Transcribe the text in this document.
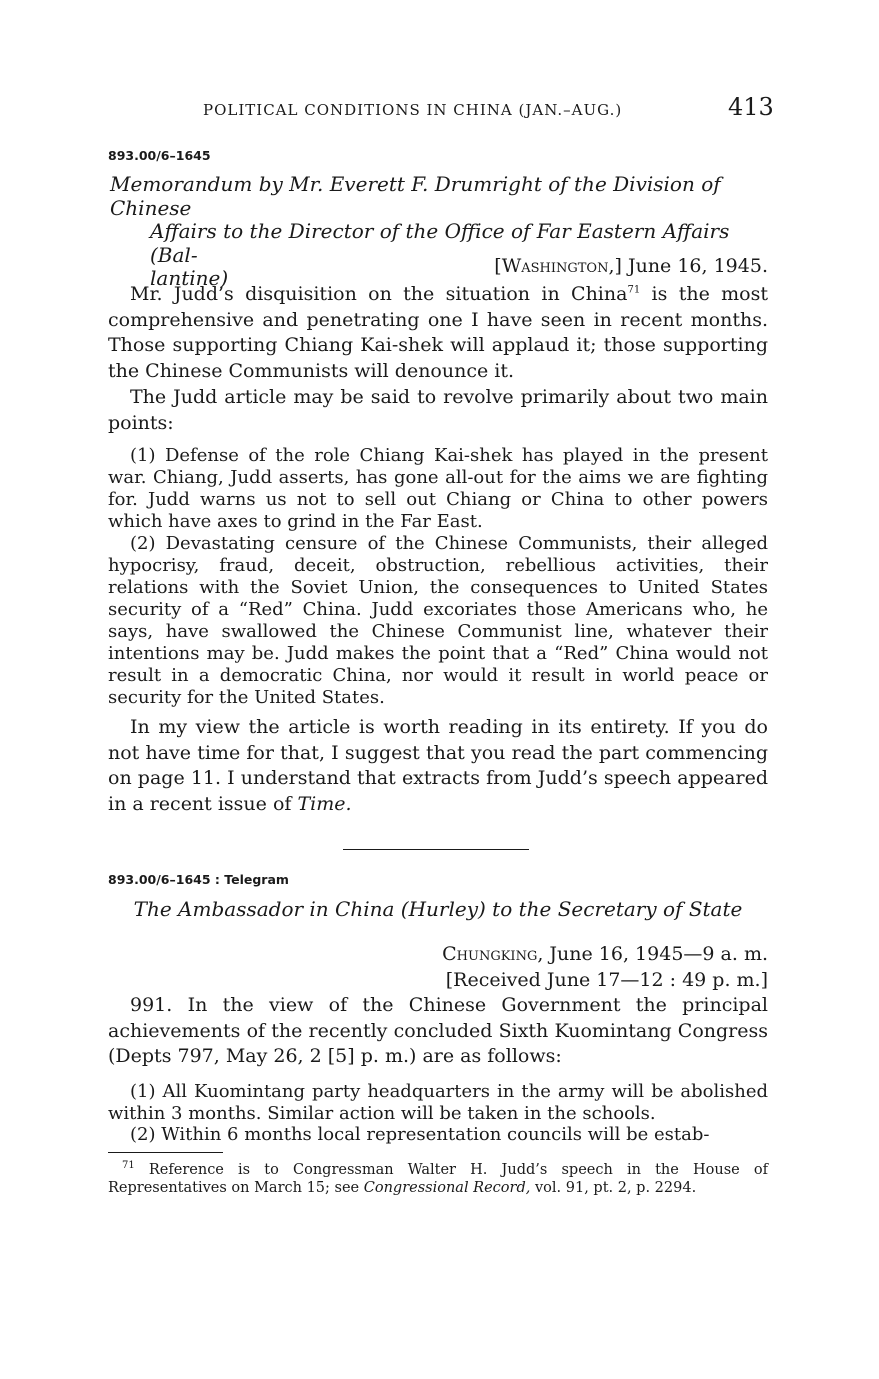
POLITICAL CONDITIONS IN CHINA (JAN.–AUG.)	413
893.00/6–1645
Memorandum by Mr. Everett F. Drumright of the Division of Chinese
Affairs to the Director of the Office of Far Eastern Affairs (Bal-
lantine)	[Washington,] June 16, 1945.
Mr. Judd’s disquisition on the situation in China$^{71}$ is the most comprehensive and penetrating one I have seen in recent months. Those supporting Chiang Kai-shek will applaud it; those supporting the Chinese Communists will denounce it.
The Judd article may be said to revolve primarily about two main points:
(1) Defense of the role Chiang Kai-shek has played in the present war. Chiang, Judd asserts, has gone all-out for the aims we are fighting for. Judd warns us not to sell out Chiang or China to other powers which have axes to grind in the Far East.
(2) Devastating censure of the Chinese Communists, their alleged hypocrisy, fraud, deceit, obstruction, rebellious activities, their relations with the Soviet Union, the consequences to United States security of a “Red” China. Judd excoriates those Americans who, he says, have swallowed the Chinese Communist line, whatever their intentions may be. Judd makes the point that a “Red” China would not result in a democratic China, nor would it result in world peace or security for the United States.
In my view the article is worth reading in its entirety. If you do not have time for that, I suggest that you read the part commencing on page 11. I understand that extracts from Judd’s speech appeared in a recent issue of Time.
893.00/6–1645 : Telegram
The Ambassador in China (Hurley) to the Secretary of State
Chungking, June 16, 1945—9 a. m.
[Received June 17—12 : 49 p. m.]
991. In the view of the Chinese Government the principal achievements of the recently concluded Sixth Kuomintang Congress (Depts 797, May 26, 2 [5] p. m.) are as follows:
(1) All Kuomintang party headquarters in the army will be abolished within 3 months. Similar action will be taken in the schools.
(2) Within 6 months local representation councils will be estab-
$^{71}$ Reference is to Congressman Walter H. Judd’s speech in the House of Representatives on March 15; see Congressional Record, vol. 91, pt. 2, p. 2294.
